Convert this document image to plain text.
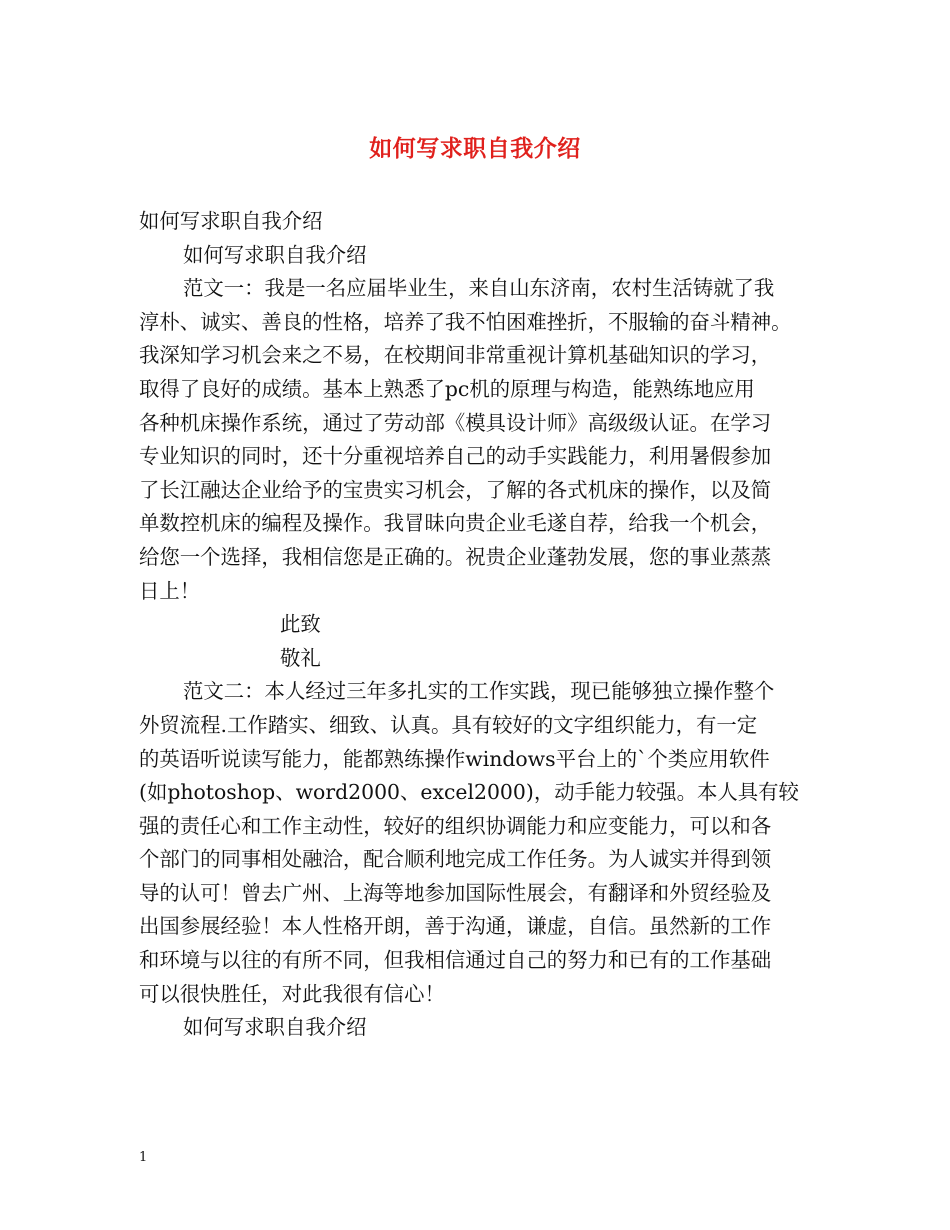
如何写求职自我介绍
如何写求职自我介绍
如何写求职自我介绍
范文一：我是一名应届毕业生，来自山东济南，农村生活铸就了我
淳朴、诚实、善良的性格，培养了我不怕困难挫折，不服输的奋斗精神。
我深知学习机会来之不易，在校期间非常重视计算机基础知识的学习，
取得了良好的成绩。基本上熟悉了pc机的原理与构造，能熟练地应用
各种机床操作系统，通过了劳动部《模具设计师》高级级认证。在学习
专业知识的同时，还十分重视培养自己的动手实践能力，利用暑假参加
了长江融达企业给予的宝贵实习机会，了解的各式机床的操作，以及简
单数控机床的编程及操作。我冒昧向贵企业毛遂自荐，给我一个机会，
给您一个选择，我相信您是正确的。祝贵企业蓬勃发展，您的事业蒸蒸
日上！
此致
敬礼
范文二：本人经过三年多扎实的工作实践，现已能够独立操作整个
外贸流程.工作踏实、细致、认真。具有较好的文字组织能力，有一定
的英语听说读写能力，能都熟练操作windows平台上的`个类应用软件
(如photoshop、word2000、excel2000)，动手能力较强。本人具有较
强的责任心和工作主动性，较好的组织协调能力和应变能力，可以和各
个部门的同事相处融洽，配合顺利地完成工作任务。为人诚实并得到领
导的认可！曾去广州、上海等地参加国际性展会，有翻译和外贸经验及
出国参展经验！本人性格开朗，善于沟通，谦虚，自信。虽然新的工作
和环境与以往的有所不同，但我相信通过自己的努力和已有的工作基础
可以很快胜任，对此我很有信心！
如何写求职自我介绍
1
